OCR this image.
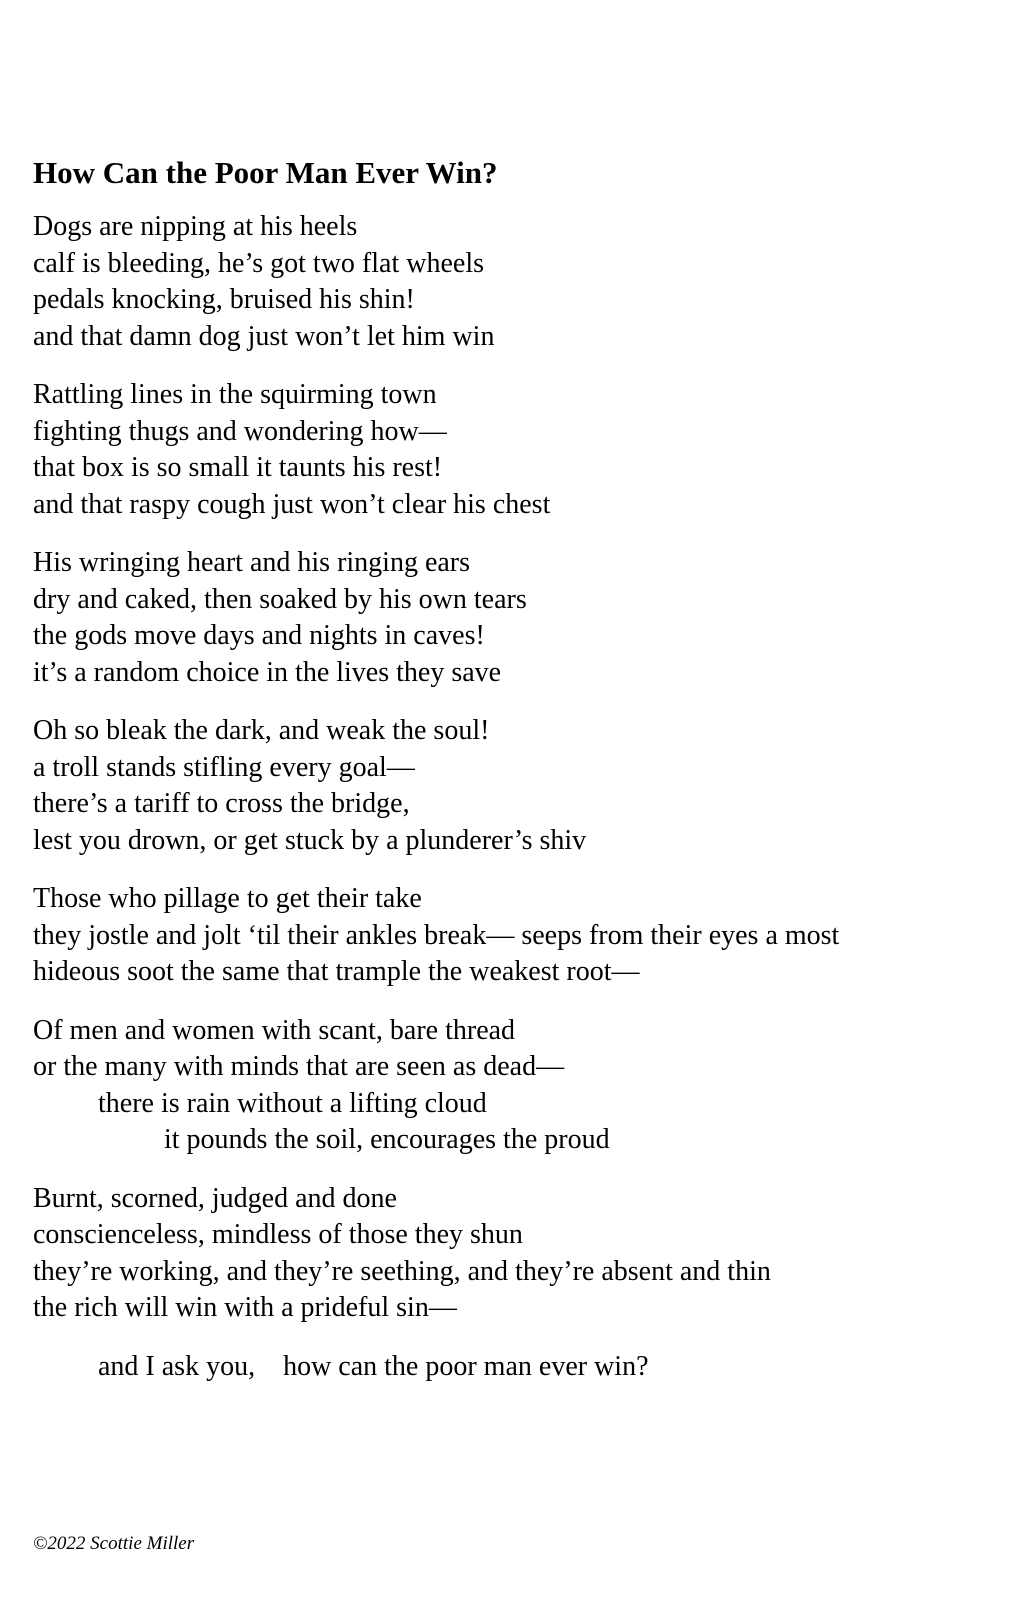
How Can the Poor Man Ever Win?
Dogs are nipping at his heels
calf is bleeding, he’s got two flat wheels
pedals knocking, bruised his shin!
and that damn dog just won’t let him win
Rattling lines in the squirming town
fighting thugs and wondering how—
that box is so small it taunts his rest!
and that raspy cough just won’t clear his chest
His wringing heart and his ringing ears
dry and caked, then soaked by his own tears
the gods move days and nights in caves!
it’s a random choice in the lives they save
Oh so bleak the dark, and weak the soul!
a troll stands stifling every goal—
there’s a tariff to cross the bridge,
lest you drown, or get stuck by a plunderer’s shiv
Those who pillage to get their take
they jostle and jolt ‘til their ankles break— seeps from their eyes a most
hideous soot the same that trample the weakest root—
Of men and women with scant, bare thread
or the many with minds that are seen as dead—
there is rain without a lifting cloud
it pounds the soil, encourages the proud
Burnt, scorned, judged and done
conscienceless, mindless of those they shun
they’re working, and they’re seething, and they’re absent and thin
the rich will win with a prideful sin—
and I ask you,    how can the poor man ever win?
©2022 Scottie Miller
